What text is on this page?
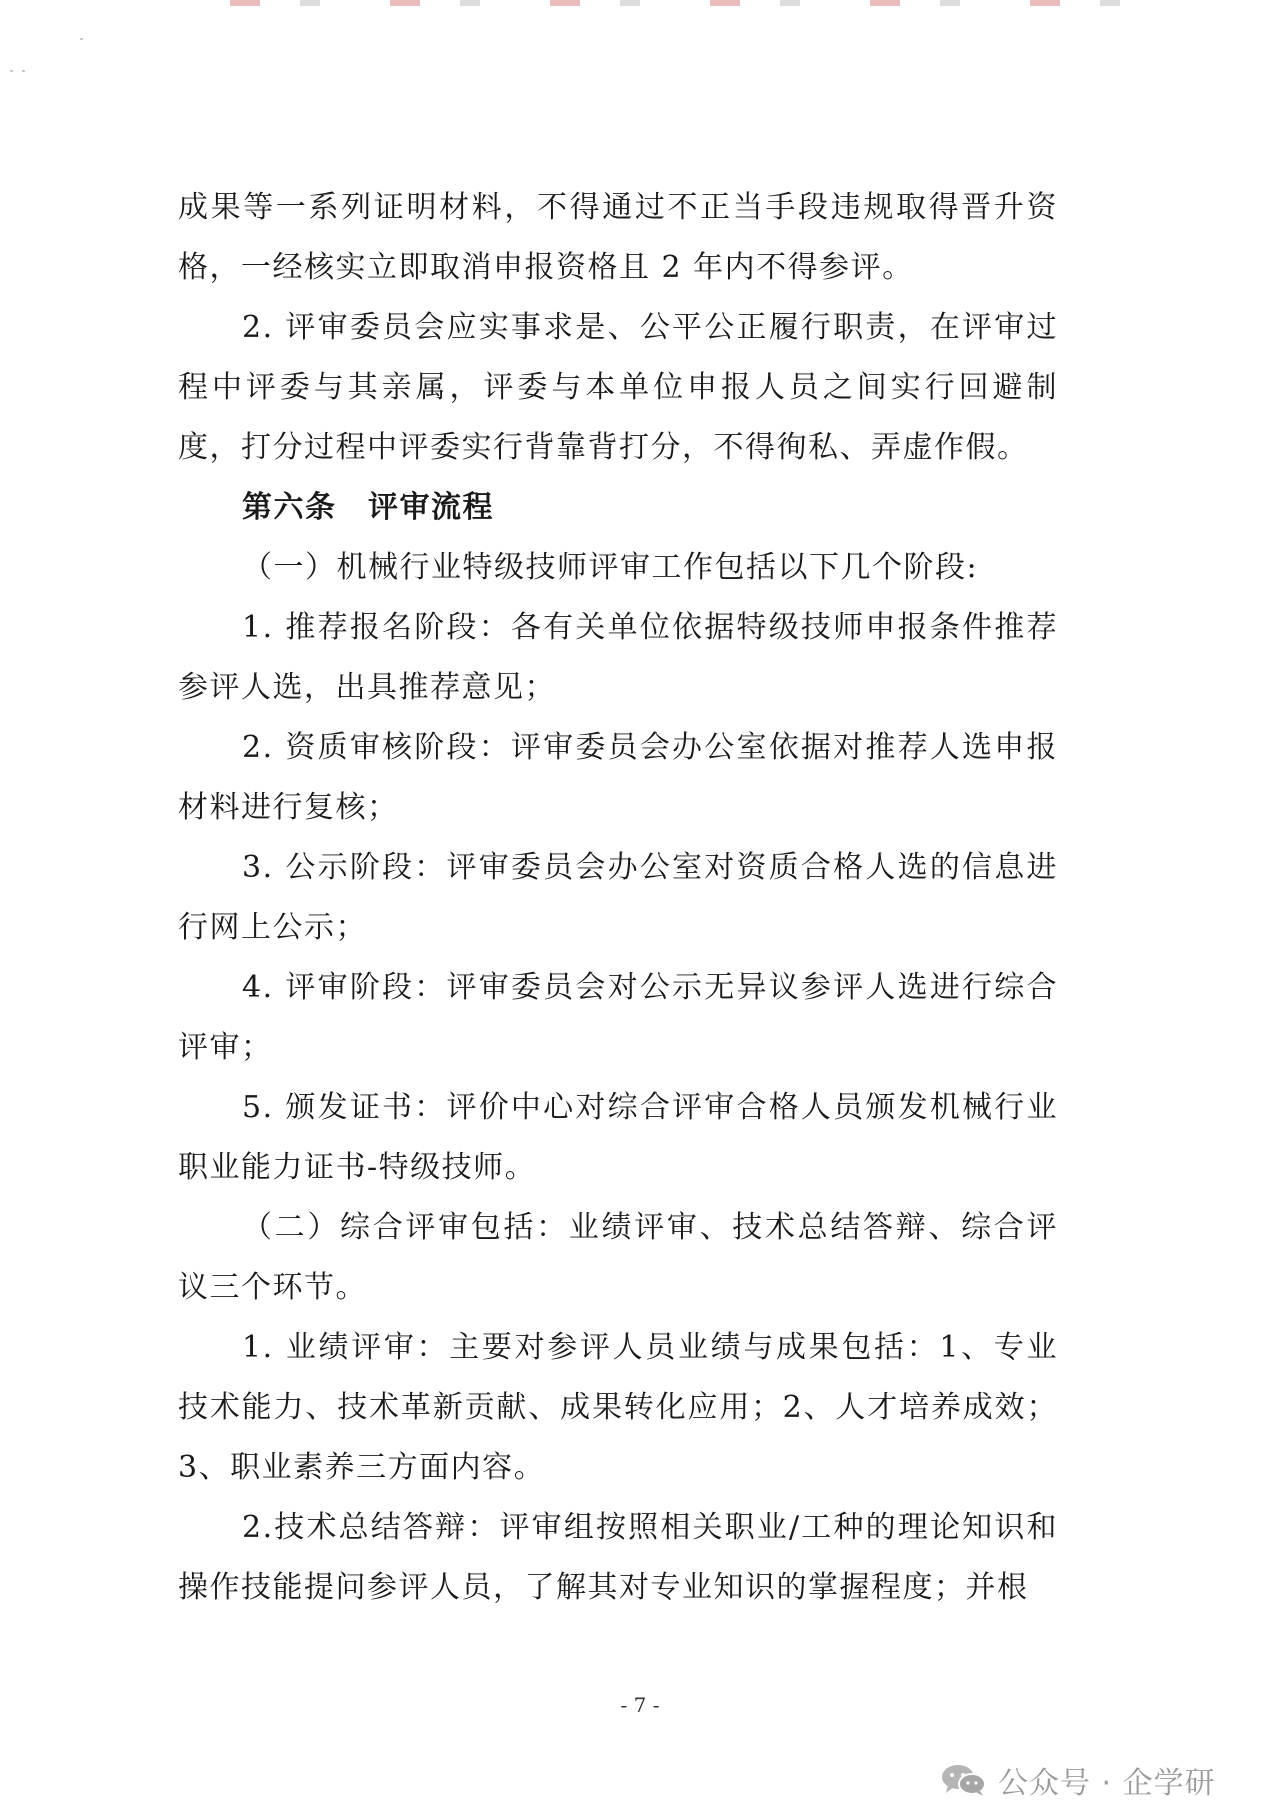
成果等一系列证明材料，不得通过不正当手段违规取得晋升资格，一经核实立即取消申报资格且 2 年内不得参评。

2. 评审委员会应实事求是、公平公正履行职责，在评审过程中评委与其亲属，评委与本单位申报人员之间实行回避制度，打分过程中评委实行背靠背打分，不得徇私、弄虚作假。

第六条　评审流程

（一）机械行业特级技师评审工作包括以下几个阶段:

1. 推荐报名阶段：各有关单位依据特级技师申报条件推荐参评人选，出具推荐意见；

2. 资质审核阶段：评审委员会办公室依据对推荐人选申报材料进行复核；

3. 公示阶段：评审委员会办公室对资质合格人选的信息进行网上公示；

4. 评审阶段：评审委员会对公示无异议参评人选进行综合评审；

5. 颁发证书：评价中心对综合评审合格人员颁发机械行业职业能力证书-特级技师。

（二）综合评审包括：业绩评审、技术总结答辩、综合评议三个环节。

1. 业绩评审：主要对参评人员业绩与成果包括：1、专业技术能力、技术革新贡献、成果转化应用；2、人才培养成效；3、职业素养三方面内容。

2.技术总结答辩：评审组按照相关职业/工种的理论知识和操作技能提问参评人员，了解其对专业知识的掌握程度；并根

- 7 -
公众号 · 企学研
